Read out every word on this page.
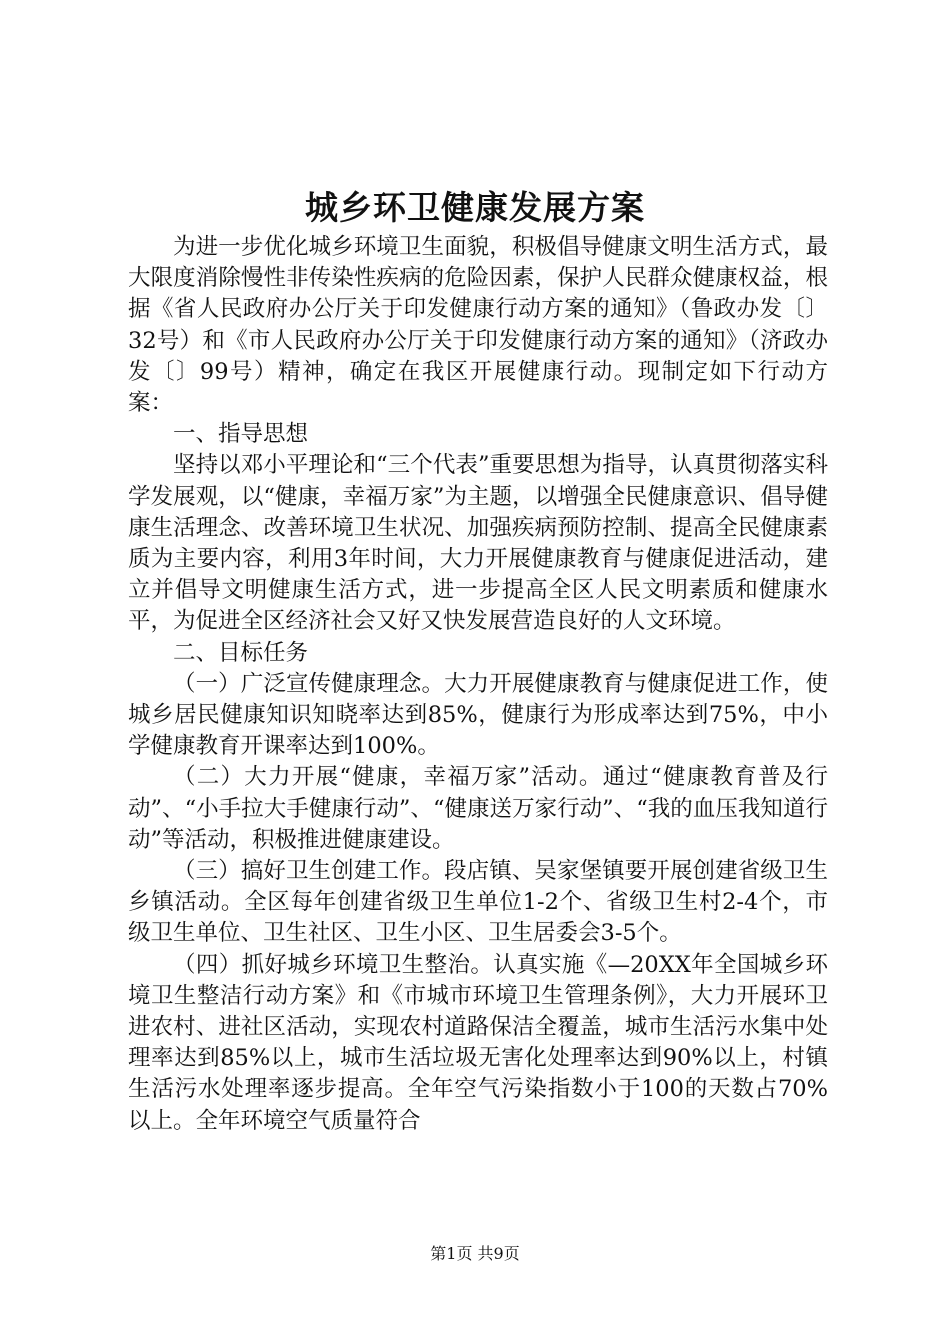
城乡环卫健康发展方案

为进一步优化城乡环境卫生面貌，积极倡导健康文明生活方式，最大限度消除慢性非传染性疾病的危险因素，保护人民群众健康权益，根据《省人民政府办公厅关于印发健康行动方案的通知》（鲁政办发〔〕32号）和《市人民政府办公厅关于印发健康行动方案的通知》（济政办发〔〕99号）精神，确定在我区开展健康行动。现制定如下行动方案：

一、指导思想

坚持以邓小平理论和“三个代表”重要思想为指导，认真贯彻落实科学发展观，以“健康，幸福万家”为主题，以增强全民健康意识、倡导健康生活理念、改善环境卫生状况、加强疾病预防控制、提高全民健康素质为主要内容，利用3年时间，大力开展健康教育与健康促进活动，建立并倡导文明健康生活方式，进一步提高全区人民文明素质和健康水平，为促进全区经济社会又好又快发展营造良好的人文环境。

二、目标任务

（一）广泛宣传健康理念。大力开展健康教育与健康促进工作，使城乡居民健康知识知晓率达到85%，健康行为形成率达到75%，中小学健康教育开课率达到100%。

（二）大力开展“健康，幸福万家”活动。通过“健康教育普及行动”、“小手拉大手健康行动”、“健康送万家行动”、“我的血压我知道行动”等活动，积极推进健康建设。

（三）搞好卫生创建工作。段店镇、吴家堡镇要开展创建省级卫生乡镇活动。全区每年创建省级卫生单位1-2个、省级卫生村2-4个，市级卫生单位、卫生社区、卫生小区、卫生居委会3-5个。

（四）抓好城乡环境卫生整治。认真实施《—20XX年全国城乡环境卫生整洁行动方案》和《市城市环境卫生管理条例》，大力开展环卫进农村、进社区活动，实现农村道路保洁全覆盖，城市生活污水集中处理率达到85%以上，城市生活垃圾无害化处理率达到90%以上，村镇生活污水处理率逐步提高。全年空气污染指数小于100的天数占70%以上。全年环境空气质量符合

第1页 共9页
